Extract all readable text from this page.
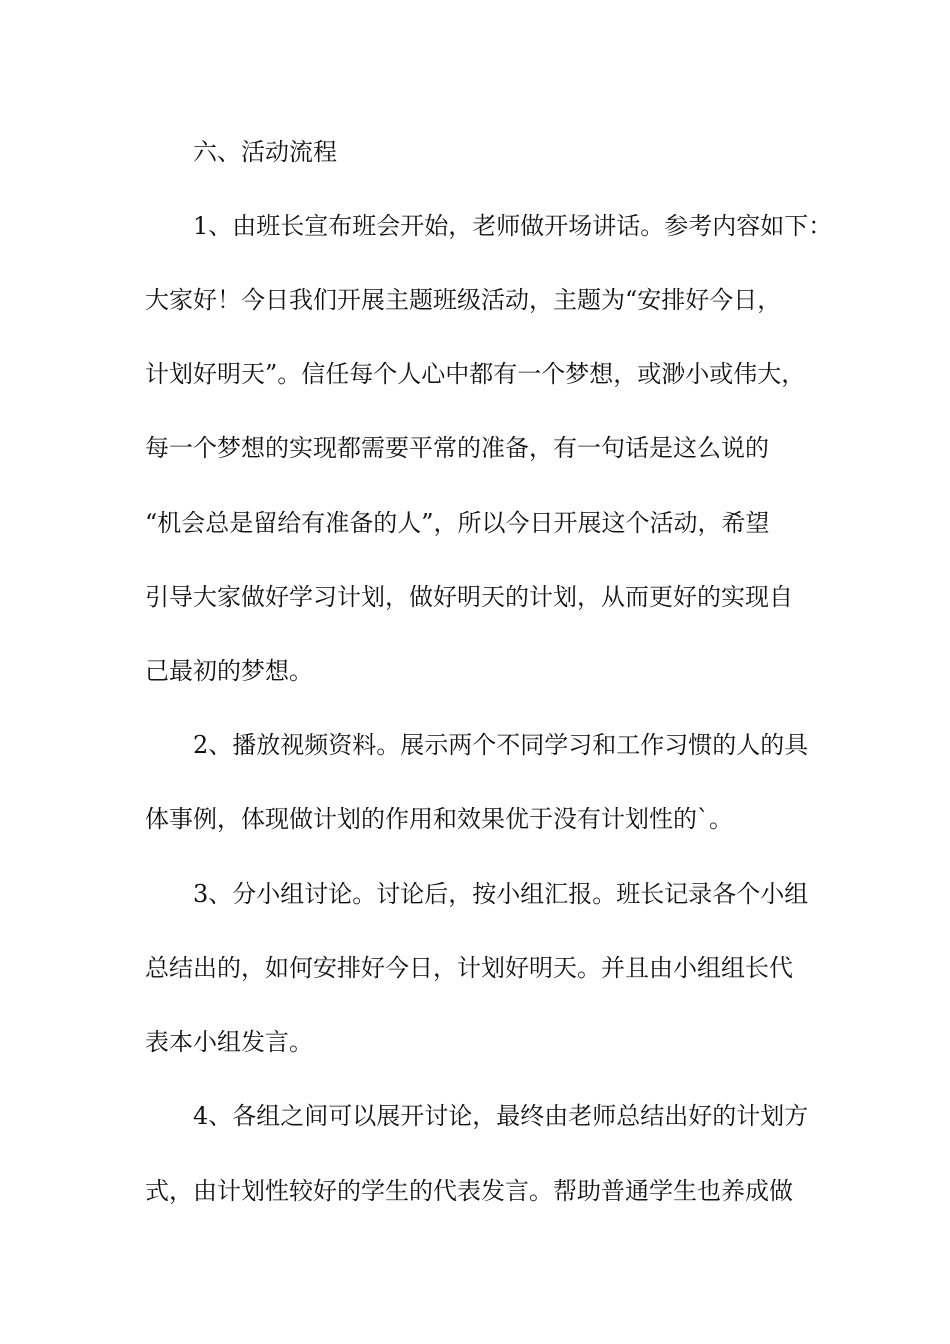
六、活动流程
1、由班长宣布班会开始，老师做开场讲话。参考内容如下：
大家好！今日我们开展主题班级活动，主题为“安排好今日，
计划好明天”。信任每个人心中都有一个梦想，或渺小或伟大，
每一个梦想的实现都需要平常的准备，有一句话是这么说的
“机会总是留给有准备的人”，所以今日开展这个活动，希望
引导大家做好学习计划，做好明天的计划，从而更好的实现自
己最初的梦想。
2、播放视频资料。展示两个不同学习和工作习惯的人的具
体事例，体现做计划的作用和效果优于没有计划性的`。
3、分小组讨论。讨论后，按小组汇报。班长记录各个小组
总结出的，如何安排好今日，计划好明天。并且由小组组长代
表本小组发言。
4、各组之间可以展开讨论，最终由老师总结出好的计划方
式，由计划性较好的学生的代表发言。帮助普通学生也养成做
